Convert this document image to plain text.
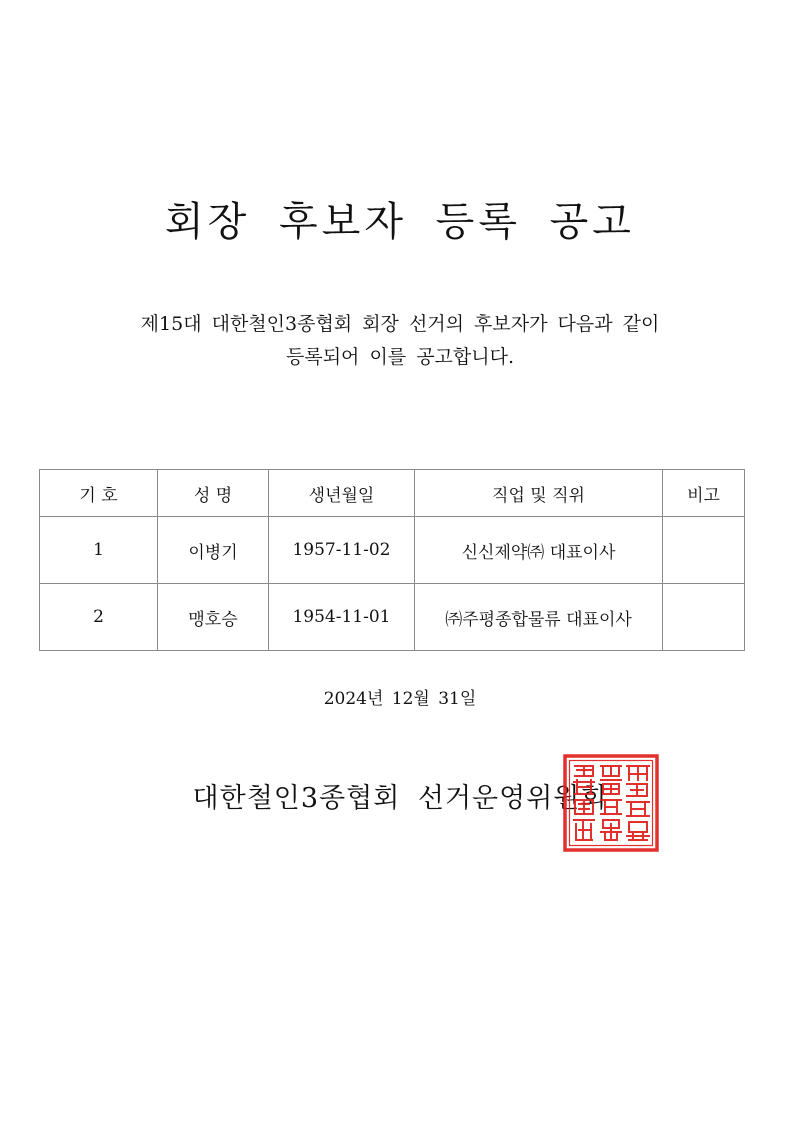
회장 후보자 등록 공고
제15대 대한철인3종협회 회장 선거의 후보자가 다음과 같이
등록되어 이를 공고합니다.
기 호	성 명	생년월일	직업 및 직위	비고
1	이병기	1957-11-02	신신제약㈜ 대표이사	
2	맹호승	1954-11-01	㈜주평종합물류 대표이사	
2024년 12월 31일
대한철인3종협회 선거운영위원회
